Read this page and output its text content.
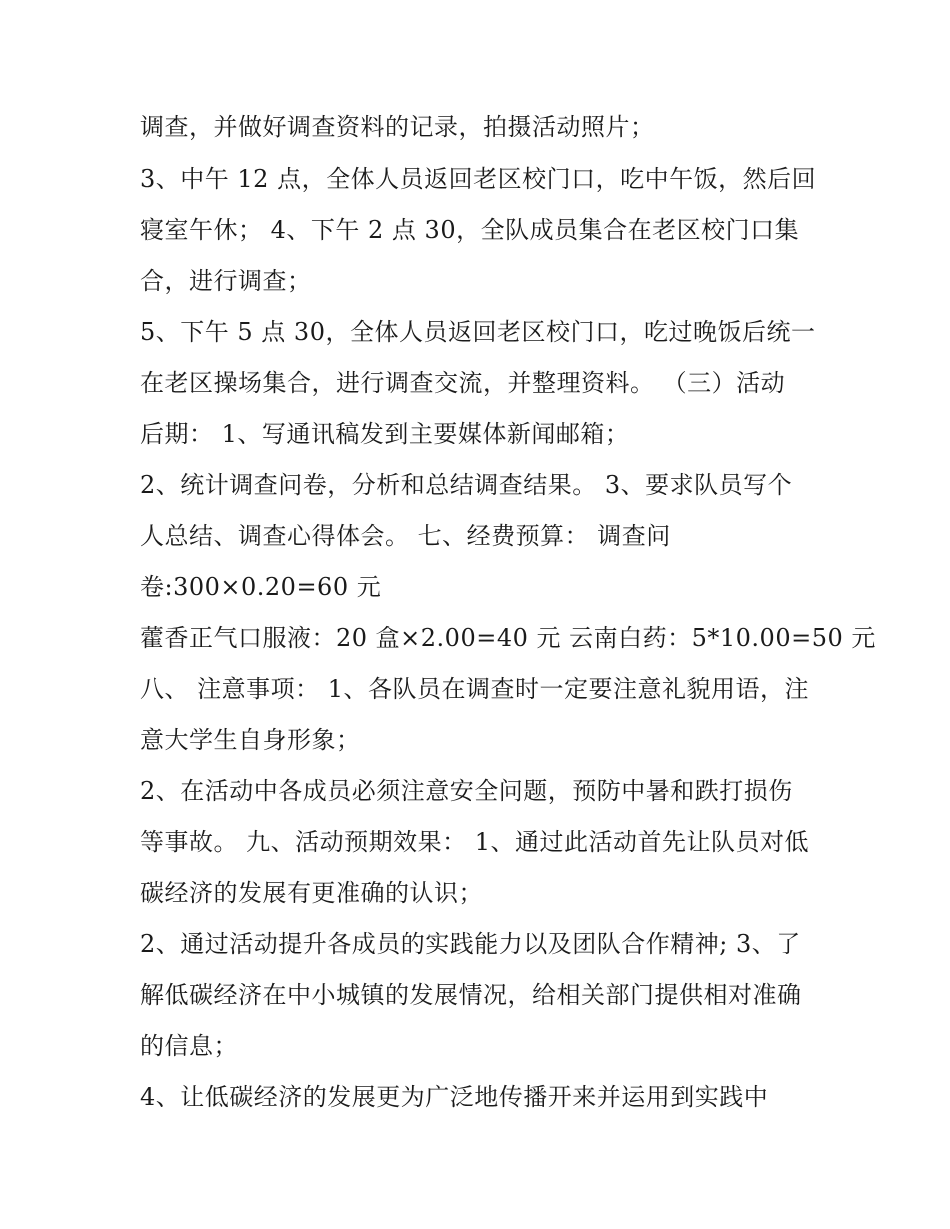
调查，并做好调查资料的记录，拍摄活动照片；
3、中午 12 点，全体人员返回老区校门口，吃中午饭，然后回
寝室午休； 4、下午 2 点 30，全队成员集合在老区校门口集
合，进行调查；
5、下午 5 点 30，全体人员返回老区校门口，吃过晚饭后统一
在老区操场集合，进行调查交流，并整理资料。 （三）活动
后期： 1、写通讯稿发到主要媒体新闻邮箱；
2、统计调查问卷，分析和总结调查结果。 3、要求队员写个
人总结、调查心得体会。 七、经费预算： 调查问
卷:300×0.20=60 元
藿香正气口服液：20 盒×2.00=40 元 云南白药：5*10.00=50 元
八、 注意事项： 1、各队员在调查时一定要注意礼貌用语，注
意大学生自身形象；
2、在活动中各成员必须注意安全问题，预防中暑和跌打损伤
等事故。 九、活动预期效果： 1、通过此活动首先让队员对低
碳经济的发展有更准确的认识；
2、通过活动提升各成员的实践能力以及团队合作精神; 3、了
解低碳经济在中小城镇的发展情况，给相关部门提供相对准确
的信息；
4、让低碳经济的发展更为广泛地传播开来并运用到实践中
